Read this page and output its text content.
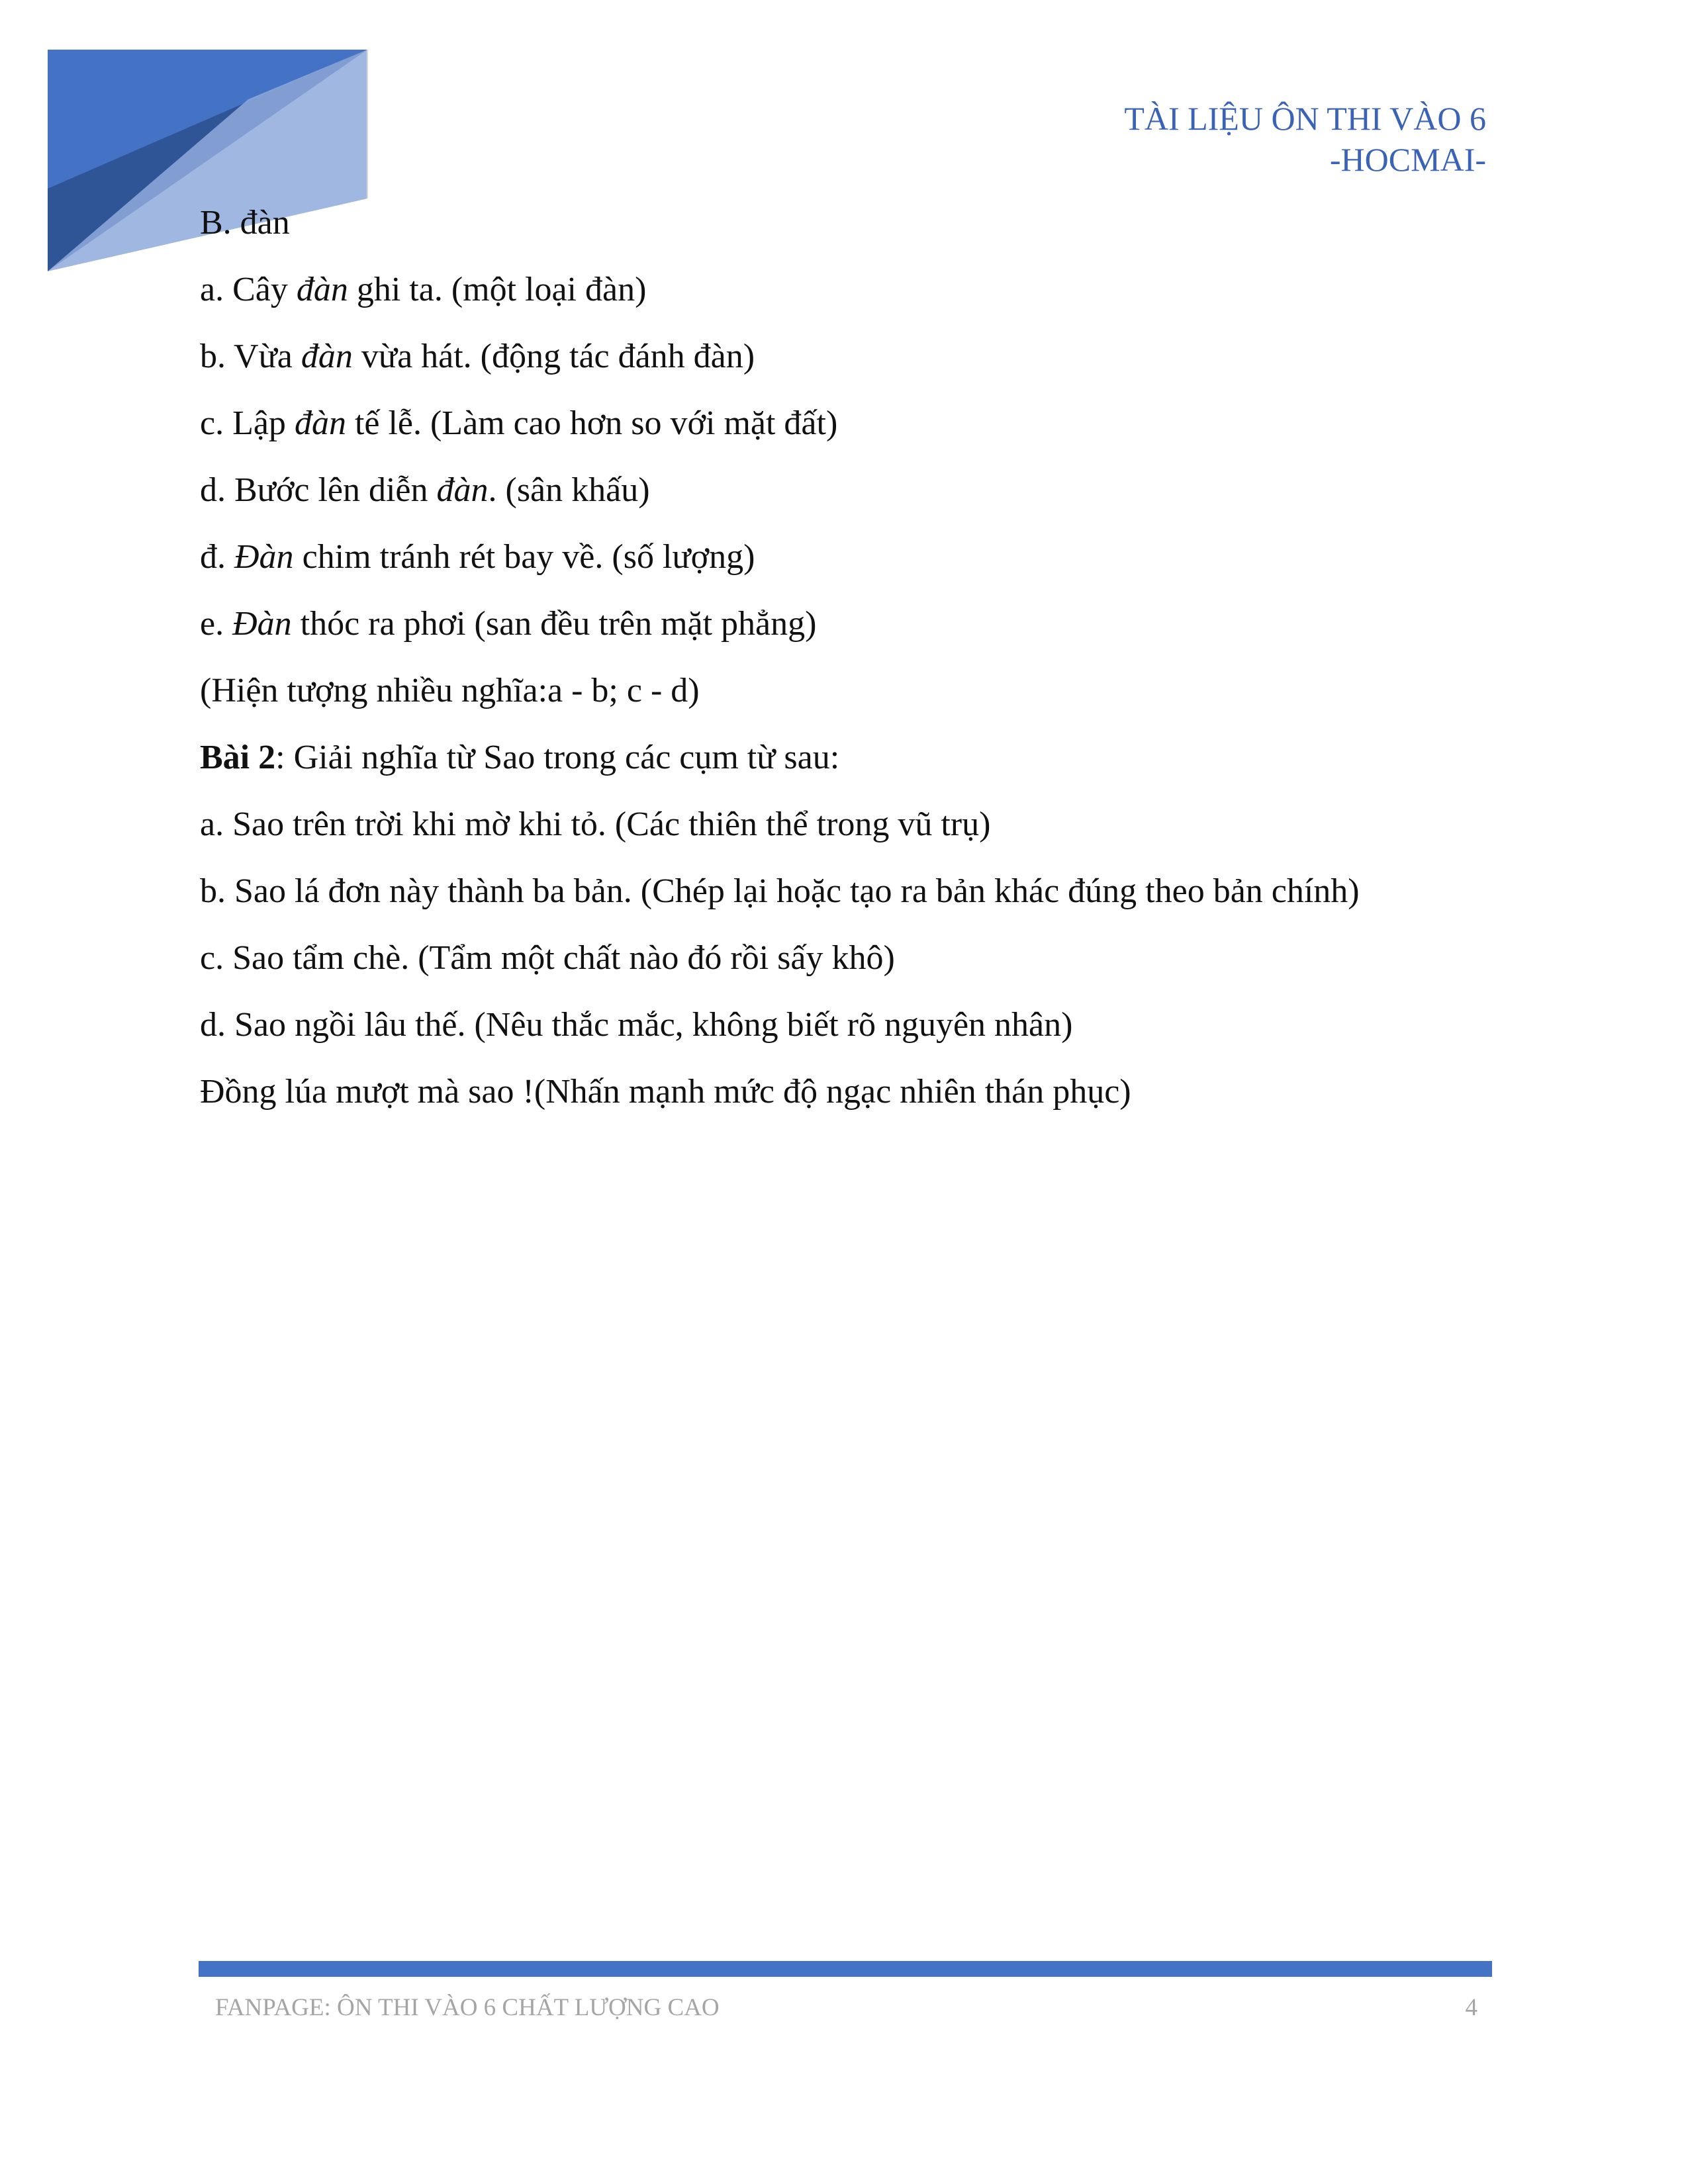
TÀI LIỆU ÔN THI VÀO 6
-HOCMAI-
B. đàn
a. Cây đàn ghi ta. (một loại đàn)
b. Vừa đàn vừa hát. (động tác đánh đàn)
c. Lập đàn tế lễ. (Làm cao hơn so với mặt đất)
d. Bước lên diễn đàn. (sân khấu)
đ. Đàn chim tránh rét bay về. (số lượng)
e. Đàn thóc ra phơi (san đều trên mặt phẳng)
(Hiện tượng nhiều nghĩa:a - b; c - d)
Bài 2: Giải nghĩa từ Sao trong các cụm từ sau:
a. Sao trên trời khi mờ khi tỏ. (Các thiên thể trong vũ trụ)
b. Sao lá đơn này thành ba bản. (Chép lại hoặc tạo ra bản khác đúng theo bản chính)
c. Sao tẩm chè. (Tẩm một chất nào đó rồi sấy khô)
d. Sao ngồi lâu thế. (Nêu thắc mắc, không biết rõ nguyên nhân)
Đồng lúa mượt mà sao !(Nhấn mạnh mức độ ngạc nhiên thán phục)
FANPAGE: ÔN THI VÀO 6 CHẤT LƯỢNG CAO	4
